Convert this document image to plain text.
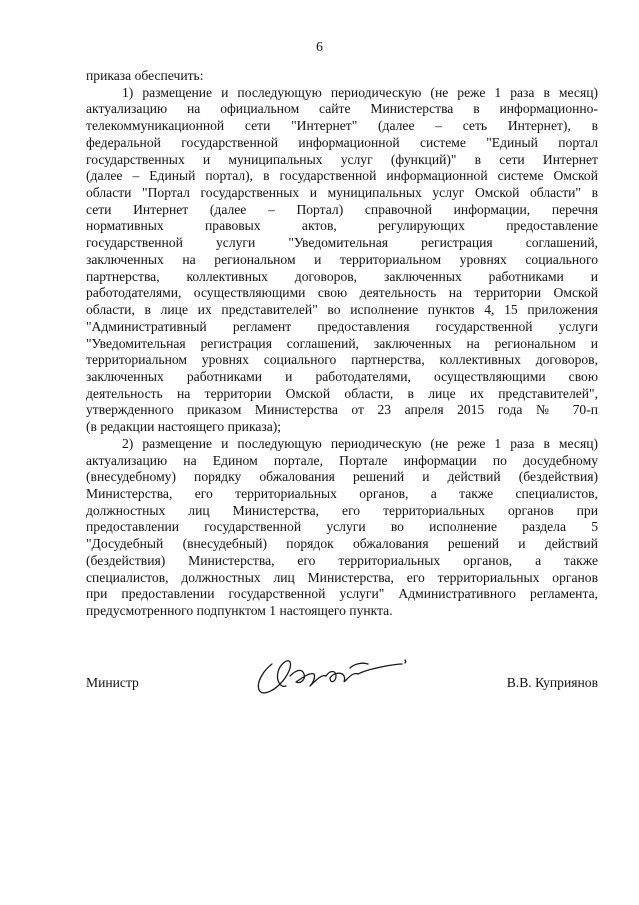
6
приказа обеспечить:
1) размещение и последующую периодическую (не реже 1 раза в месяц)
актуализацию на официальном сайте Министерства в информационно-
телекоммуникационной сети "Интернет" (далее – сеть Интернет), в
федеральной государственной информационной системе "Единый портал
государственных и муниципальных услуг (функций)" в сети Интернет
(далее – Единый портал), в государственной информационной системе Омской
области "Портал государственных и муниципальных услуг Омской области" в
сети Интернет (далее – Портал) справочной информации, перечня
нормативных правовых актов, регулирующих предоставление
государственной услуги "Уведомительная регистрация соглашений,
заключенных на региональном и территориальном уровнях социального
партнерства, коллективных договоров, заключенных работниками и
работодателями, осуществляющими свою деятельность на территории Омской
области, в лице их представителей" во исполнение пунктов 4, 15 приложения
"Административный регламент предоставления государственной услуги
"Уведомительная регистрация соглашений, заключенных на региональном и
территориальном уровнях социального партнерства, коллективных договоров,
заключенных работниками и работодателями, осуществляющими свою
деятельность на территории Омской области, в лице их представителей",
утвержденного приказом Министерства от 23 апреля 2015 года № 70-п
(в редакции настоящего приказа);
2) размещение и последующую периодическую (не реже 1 раза в месяц)
актуализацию на Едином портале, Портале информации по досудебному
(внесудебному) порядку обжалования решений и действий (бездействия)
Министерства, его территориальных органов, а также специалистов,
должностных лиц Министерства, его территориальных органов при
предоставлении государственной услуги во исполнение раздела 5
"Досудебный (внесудебный) порядок обжалования решений и действий
(бездействия) Министерства, его территориальных органов, а также
специалистов, должностных лиц Министерства, его территориальных органов
при предоставлении государственной услуги" Административного регламента,
предусмотренного подпунктом 1 настоящего пункта.
Министр	В.В. Куприянов
